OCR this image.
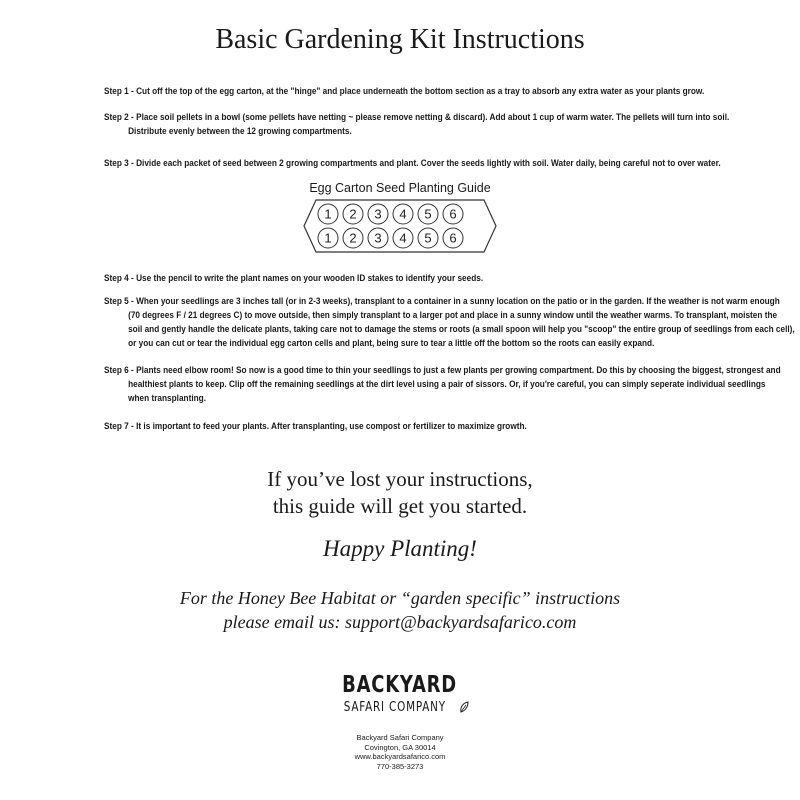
Basic Gardening Kit Instructions
Step 1 - Cut off the top of the egg carton, at the "hinge" and place underneath the bottom section as a tray to absorb any extra water as your plants grow.
Step 2 - Place soil pellets in a bowl (some pellets have netting ~ please remove netting & discard). Add about 1 cup of warm water. The pellets will turn into soil.
Distribute evenly between the 12 growing compartments.
Step 3 - Divide each packet of seed between 2 growing compartments and plant. Cover the seeds lightly with soil. Water daily, being careful not to over water.
Egg Carton Seed Planting Guide
1 2 3 4 5 6
1 2 3 4 5 6
Step 4 - Use the pencil to write the plant names on your wooden ID stakes to identify your seeds.
Step 5 - When your seedlings are 3 inches tall (or in 2-3 weeks), transplant to a container in a sunny location on the patio or in the garden. If the weather is not warm enough
(70 degrees F / 21 degrees C) to move outside, then simply transplant to a larger pot and place in a sunny window until the weather warms. To transplant, moisten the
soil and gently handle the delicate plants, taking care not to damage the stems or roots (a small spoon will help you "scoop" the entire group of seedlings from each cell),
or you can cut or tear the individual egg carton cells and plant, being sure to tear a little off the bottom so the roots can easily expand.
Step 6 - Plants need elbow room! So now is a good time to thin your seedlings to just a few plants per growing compartment. Do this by choosing the biggest, strongest and
healthiest plants to keep. Clip off the remaining seedlings at the dirt level using a pair of sissors. Or, if you're careful, you can simply seperate individual seedlings
when transplanting.
Step 7 - It is important to feed your plants. After transplanting, use compost or fertilizer to maximize growth.
If you’ve lost your instructions,
this guide will get you started.
Happy Planting!
For the Honey Bee Habitat or “garden specific” instructions
please email us: support@backyardsafarico.com
BACKYARD
SAFARI COMPANY
Backyard Safari Company
Covington, GA 30014
www.backyardsafarico.com
770-385-3273
